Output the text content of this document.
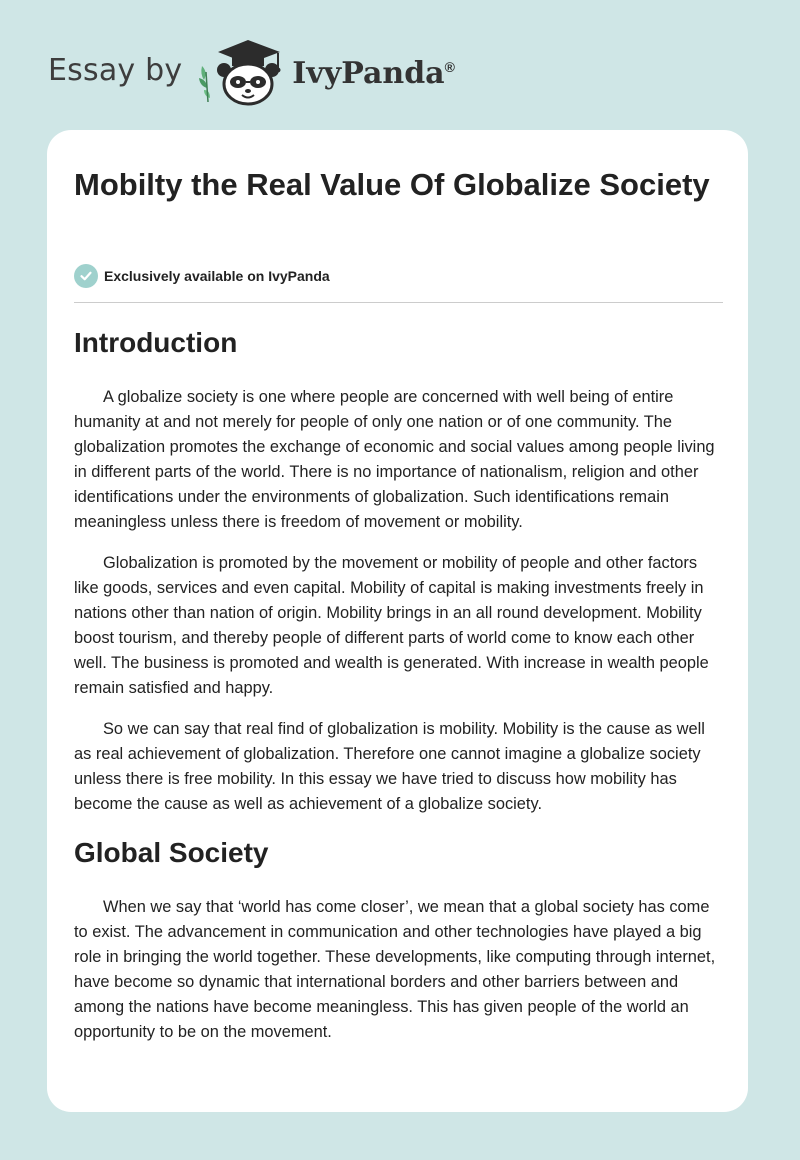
Essay by	IvyPanda®
Mobilty the Real Value Of Globalize Society
Exclusively available on IvyPanda
Introduction

A globalize society is one where people are concerned with well being of entire humanity at and not merely for people of only one nation or of one community. The globalization promotes the exchange of economic and social values among people living in different parts of the world. There is no importance of nationalism, religion and other identifications under the environments of globalization. Such identifications remain meaningless unless there is freedom of movement or mobility.

Globalization is promoted by the movement or mobility of people and other factors like goods, services and even capital. Mobility of capital is making investments freely in nations other than nation of origin. Mobility brings in an all round development. Mobility boost tourism, and thereby people of different parts of world come to know each other well. The business is promoted and wealth is generated. With increase in wealth people remain satisfied and happy.

So we can say that real find of globalization is mobility. Mobility is the cause as well as real achievement of globalization. Therefore one cannot imagine a globalize society unless there is free mobility. In this essay we have tried to discuss how mobility has become the cause as well as achievement of a globalize society.

Global Society

When we say that ‘world has come closer’, we mean that a global society has come to exist. The advancement in communication and other technologies have played a big role in bringing the world together. These developments, like computing through internet, have become so dynamic that international borders and other barriers between and among the nations have become meaningless. This has given people of the world an opportunity to be on the movement.
